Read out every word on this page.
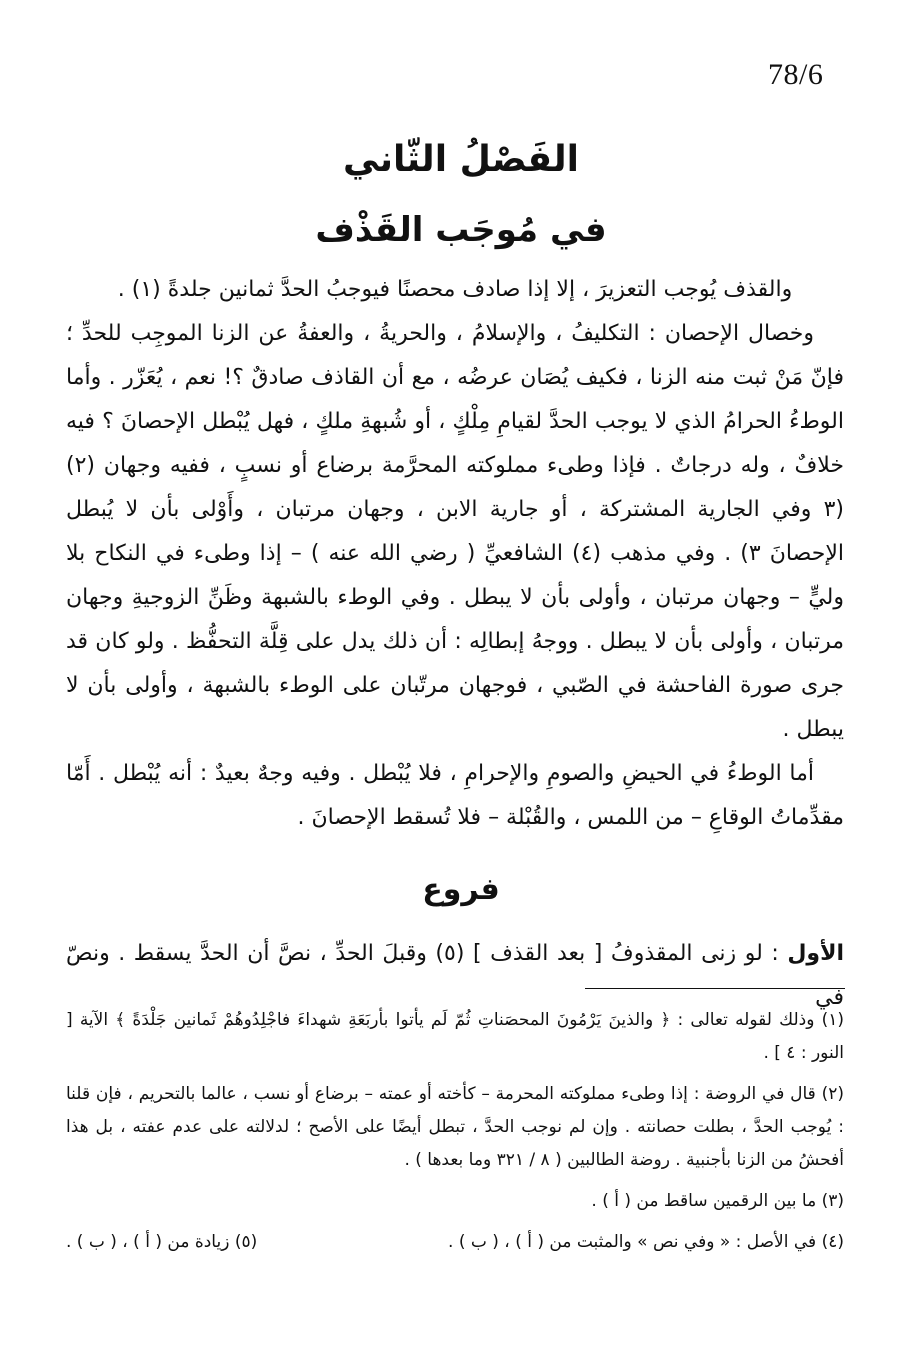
78/6
الفَصْلُ الثّاني
في مُوجَب القَذْف

والقذف يُوجب التعزيرَ ، إلا إذا صادف محصنًا فيوجبُ الحدَّ ثمانين جلدةً (١) .

وخصال الإحصان : التكليفُ ، والإسلامُ ، والحريةُ ، والعفةُ عن الزنا الموجِب للحدِّ ؛ فإنّ مَنْ ثبت منه الزنا ، فكيف يُصَان عرضُه ، مع أن القاذف صادقٌ ؟! نعم ، يُعَزّر . وأما الوطءُ الحرامُ الذي لا يوجب الحدَّ لقيامِ مِلْكٍ ، أو شُبهةِ ملكٍ ، فهل يُبْطل الإحصانَ ؟ فيه خلافٌ ، وله درجاتٌ . فإذا وطىء مملوكته المحرَّمة برضاع أو نسبٍ ، ففيه وجهان (٢) (٣ وفي الجارية المشتركة ، أو جارية الابن ، وجهان مرتبان ، وأَوْلى بأن لا يُبطل الإحصانَ ٣) . وفي مذهب (٤) الشافعيِّ ( رضي الله عنه ) – إذا وطىء في النكاح بلا وليٍّ – وجهان مرتبان ، وأولى بأن لا يبطل . وفي الوطء بالشبهة وظَنِّ الزوجيةِ وجهان مرتبان ، وأولى بأن لا يبطل . ووجهُ إبطالِه : أن ذلك يدل على قِلَّة التحفُّظ . ولو كان قد جرى صورة الفاحشة في الصّبي ، فوجهان مرتّبان على الوطء بالشبهة ، وأولى بأن لا يبطل .

أما الوطءُ في الحيضِ والصومِ والإحرامِ ، فلا يُبْطل . وفيه وجهٌ بعيدٌ : أنه يُبْطل . أَمّا مقدِّماتُ الوقاعِ – من اللمس ، والقُبْلة – فلا تُسقط الإحصانَ .

فروع
الأول : لو زنى المقذوفُ [ بعد القذف ] (٥) وقبلَ الحدِّ ، نصَّ أن الحدَّ يسقط . ونصّ في

(١) وذلك لقوله تعالى : ﴿ والذينَ يَرْمُونَ المحصَناتِ ثُمّ لَم يأتوا بأربَعَةِ شهداءَ فاجْلِدُوهُمْ ثَمانين جَلْدَةً ﴾ الآية [ النور : ٤ ] .

(٢) قال في الروضة : إذا وطىء مملوكته المحرمة – كأخته أو عمته – برضاع أو نسب ، عالما بالتحريم ، فإن قلنا : يُوجب الحدَّ ، بطلت حصانته . وإن لم نوجب الحدَّ ، تبطل أيضًا على الأصح ؛ لدلالته على عدم عفته ، بل هذا أفحشُ من الزنا بأجنبية . روضة الطالبين ( ٨ / ٣٢١ وما بعدها ) .

(٣) ما بين الرقمين ساقط من ( أ ) .

(٤) في الأصل : « وفي نص » والمثبت من ( أ ) ، ( ب ) .
(٥) زيادة من ( أ ) ، ( ب ) .
